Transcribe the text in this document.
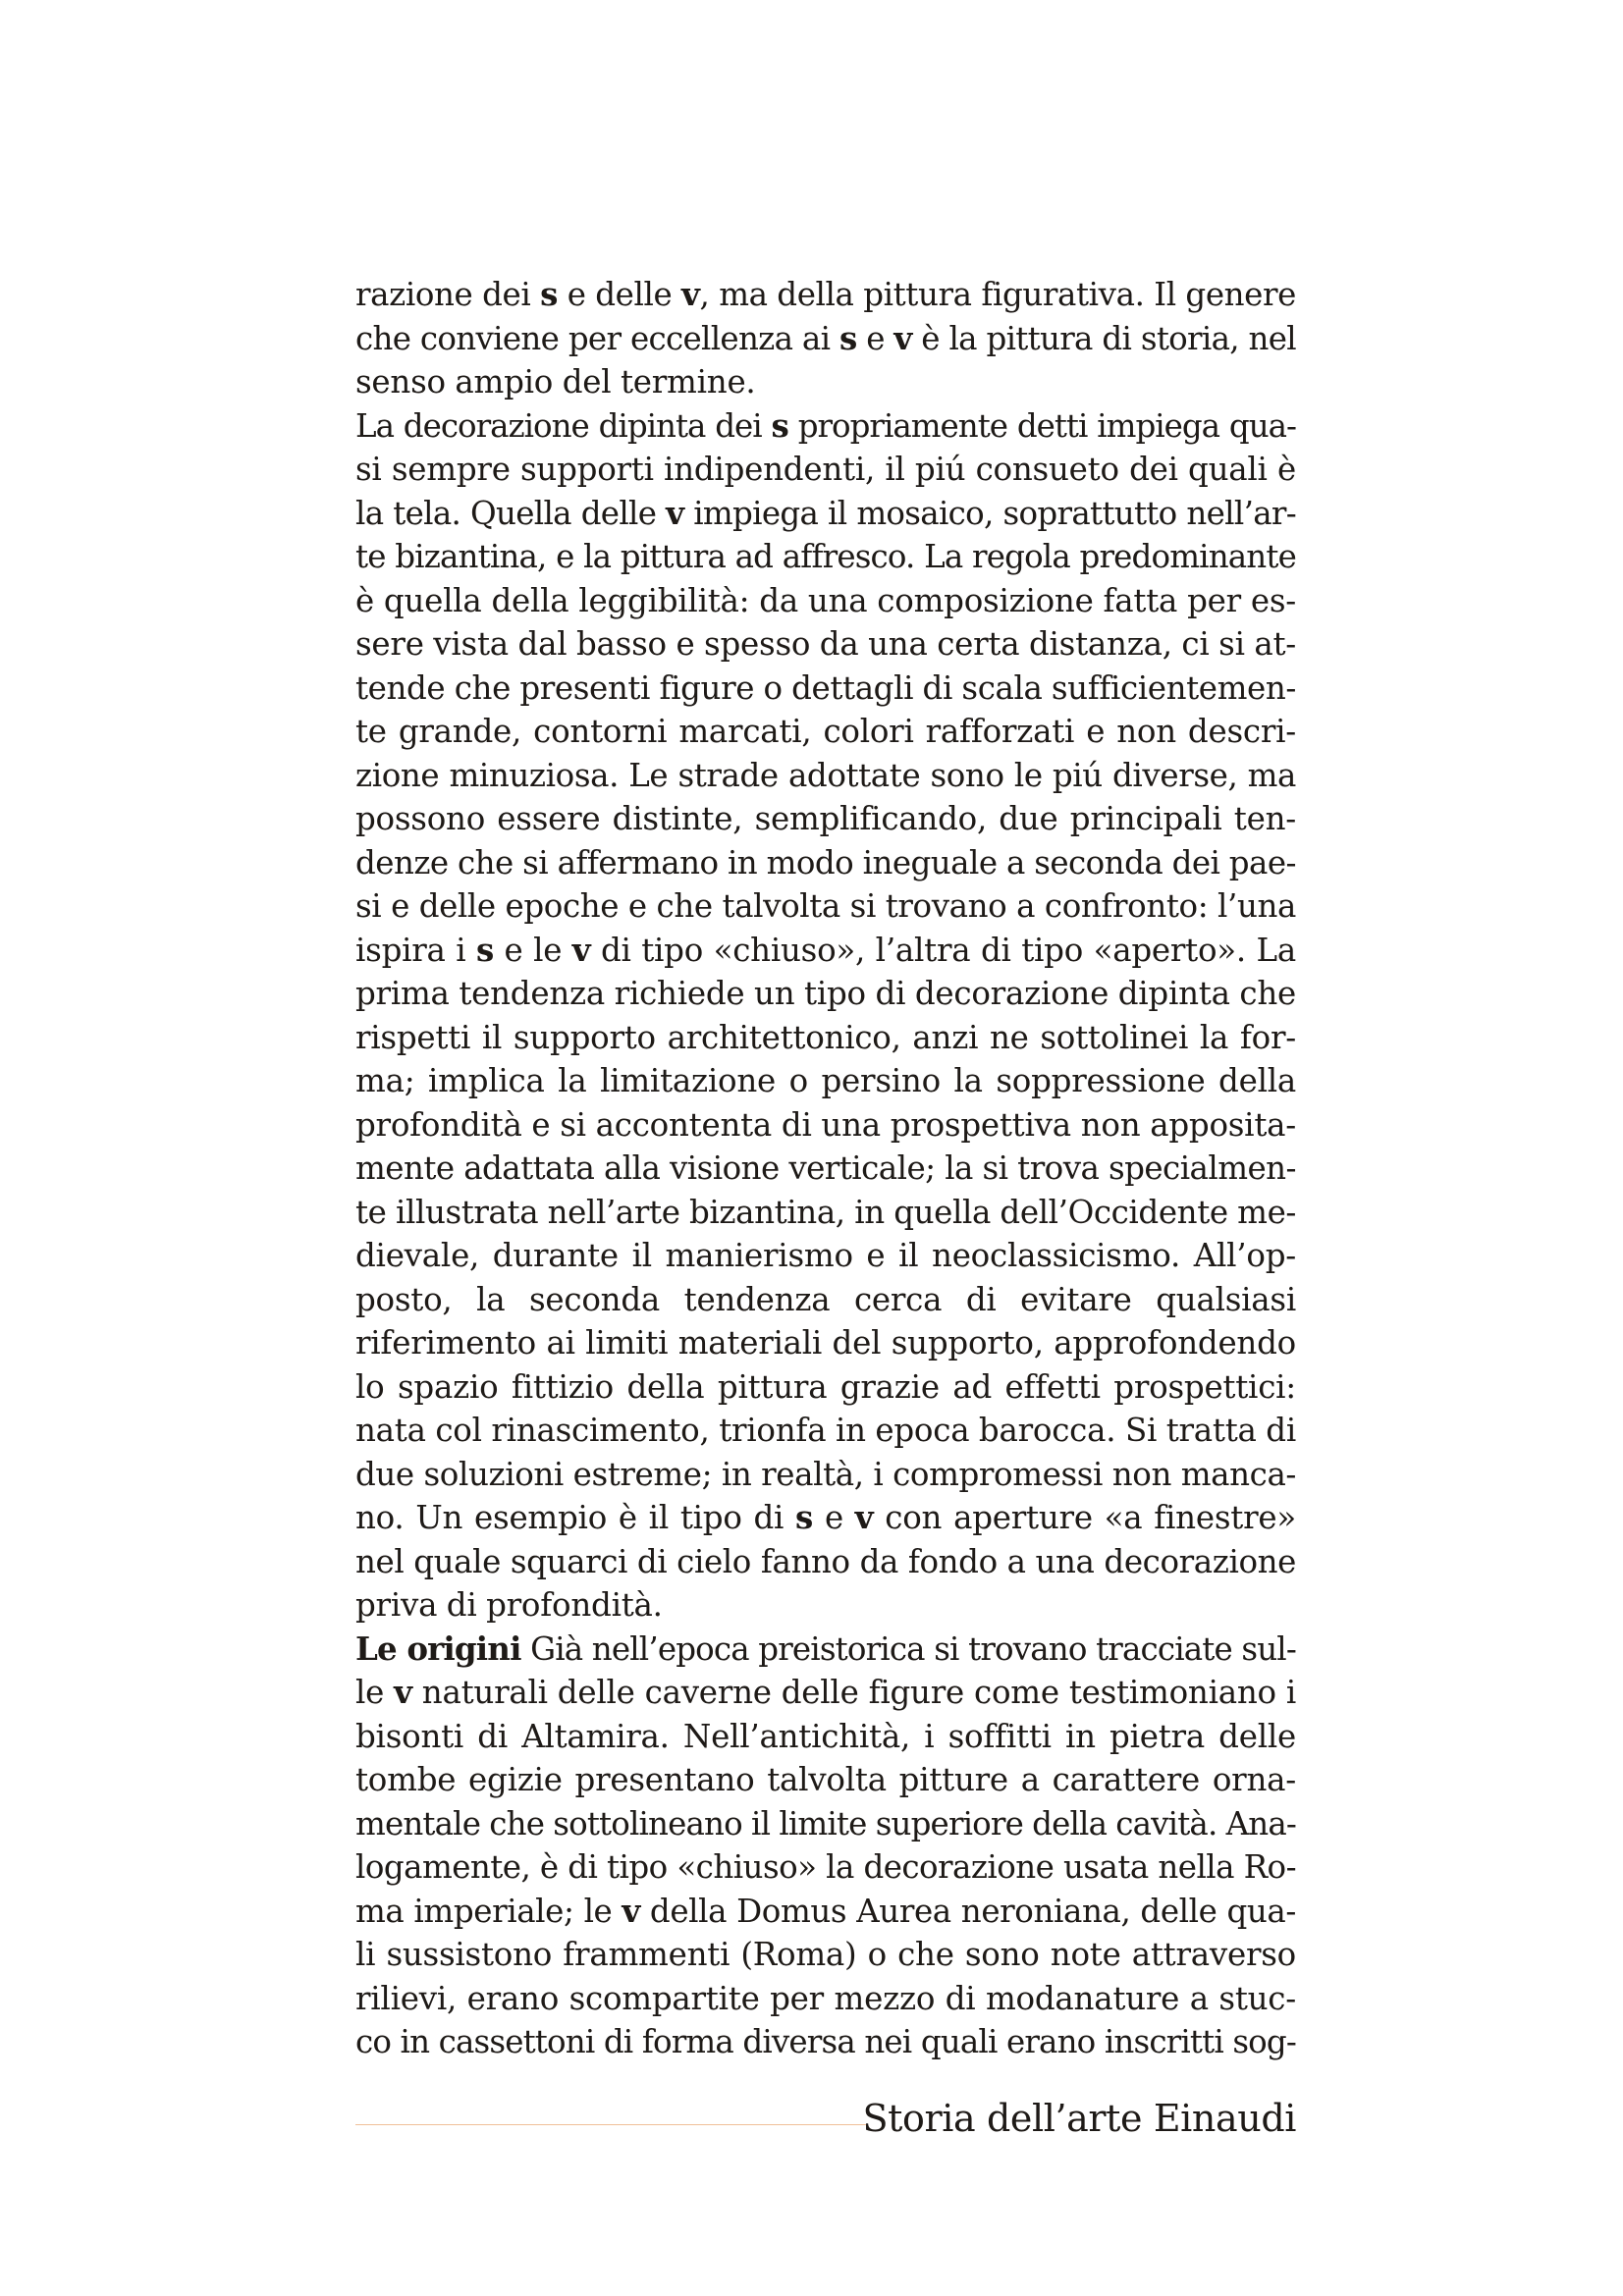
razione dei s e delle v, ma della pittura figurativa. Il genere
che conviene per eccellenza ai s e v è la pittura di storia, nel
senso ampio del termine.
La decorazione dipinta dei s propriamente detti impiega qua-
si sempre supporti indipendenti, il piú consueto dei quali è
la tela. Quella delle v impiega il mosaico, soprattutto nell’ar-
te bizantina, e la pittura ad affresco. La regola predominante
è quella della leggibilità: da una composizione fatta per es-
sere vista dal basso e spesso da una certa distanza, ci si at-
tende che presenti figure o dettagli di scala sufficientemen-
te grande, contorni marcati, colori rafforzati e non descri-
zione minuziosa. Le strade adottate sono le piú diverse, ma
possono essere distinte, semplificando, due principali ten-
denze che si affermano in modo ineguale a seconda dei pae-
si e delle epoche e che talvolta si trovano a confronto: l’una
ispira i s e le v di tipo «chiuso», l’altra di tipo «aperto». La
prima tendenza richiede un tipo di decorazione dipinta che
rispetti il supporto architettonico, anzi ne sottolinei la for-
ma; implica la limitazione o persino la soppressione della
profondità e si accontenta di una prospettiva non apposita-
mente adattata alla visione verticale; la si trova specialmen-
te illustrata nell’arte bizantina, in quella dell’Occidente me-
dievale, durante il manierismo e il neoclassicismo. All’op-
posto, la seconda tendenza cerca di evitare qualsiasi
riferimento ai limiti materiali del supporto, approfondendo
lo spazio fittizio della pittura grazie ad effetti prospettici:
nata col rinascimento, trionfa in epoca barocca. Si tratta di
due soluzioni estreme; in realtà, i compromessi non manca-
no. Un esempio è il tipo di s e v con aperture «a finestre»
nel quale squarci di cielo fanno da fondo a una decorazione
priva di profondità.
Le origini Già nell’epoca preistorica si trovano tracciate sul-
le v naturali delle caverne delle figure come testimoniano i
bisonti di Altamira. Nell’antichità, i soffitti in pietra delle
tombe egizie presentano talvolta pitture a carattere orna-
mentale che sottolineano il limite superiore della cavità. Ana-
logamente, è di tipo «chiuso» la decorazione usata nella Ro-
ma imperiale; le v della Domus Aurea neroniana, delle qua-
li sussistono frammenti (Roma) o che sono note attraverso
rilievi, erano scompartite per mezzo di modanature a stuc-
co in cassettoni di forma diversa nei quali erano inscritti sog-
Storia dell’arte Einaudi
